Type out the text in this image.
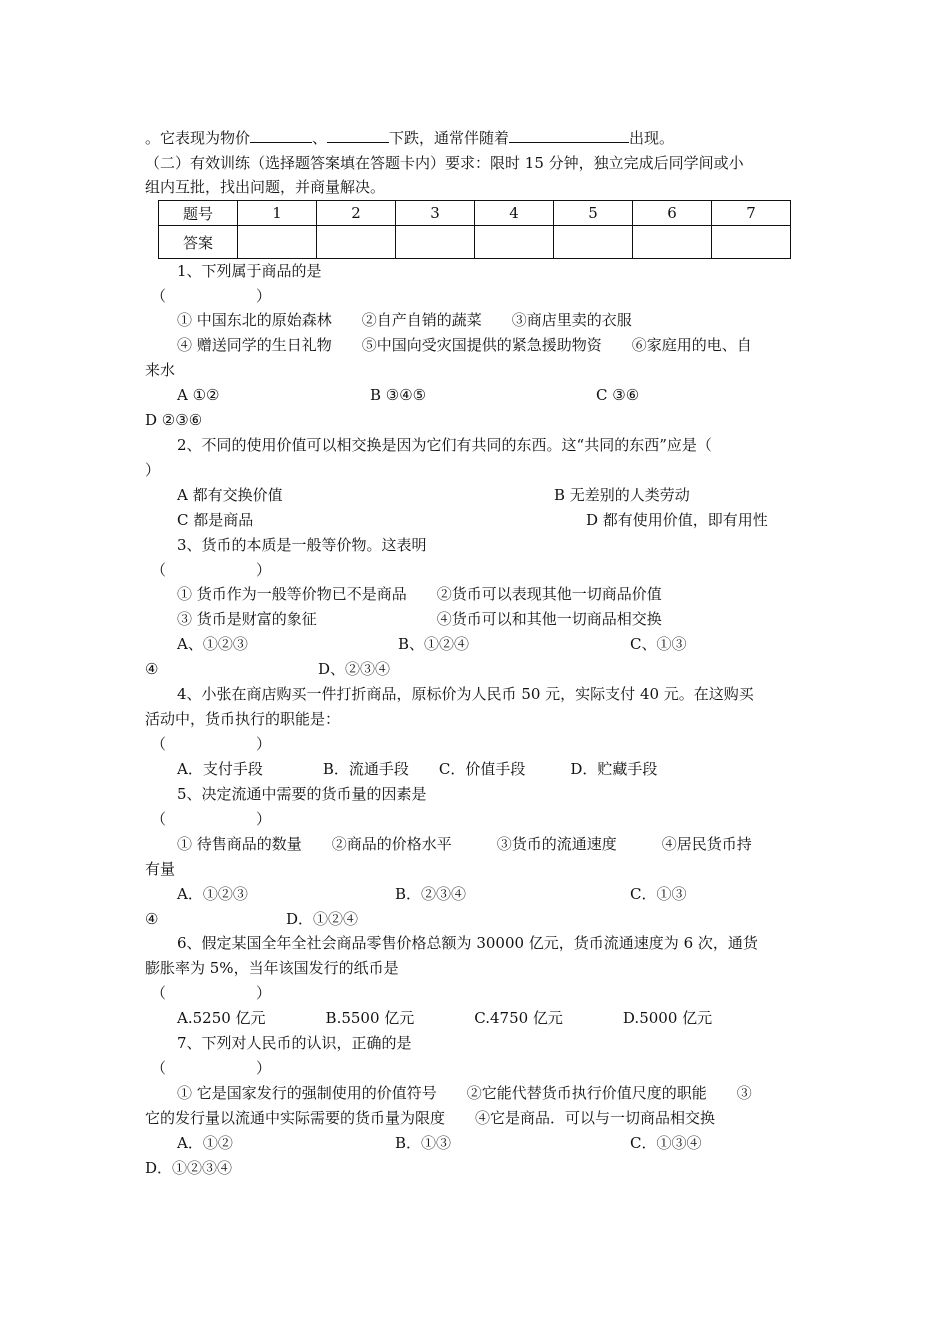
。它表现为物价	、	下跌，通常伴随着	出现。
（二）有效训练（选择题答案填在答题卡内）要求：限时 15 分钟，独立完成后同学间或小
组内互批，找出问题，并商量解决。
题号	1	2	3	4	5	6	7
答案							
1、下列属于商品的是
（　　　　　　）
① 中国东北的原始森林　　②自产自销的蔬菜　　③商店里卖的衣服
④ 赠送同学的生日礼物　　⑤中国向受灾国提供的紧急援助物资　　⑥家庭用的电、自
来水
A ①②	B ③④⑤	C ③⑥
D ②③⑥
2、不同的使用价值可以相交换是因为它们有共同的东西。这“共同的东西”应是（
）
A 都有交换价值	B 无差别的人类劳动
C 都是商品	D 都有使用价值，即有用性
3、货币的本质是一般等价物。这表明
（　　　　　　）
① 货币作为一般等价物已不是商品　　②货币可以表现其他一切商品价值
③ 货币是财富的象征　　　　　　　　④货币可以和其他一切商品相交换
A、①②③	B、①②④	C、①③
④	D、②③④
4、小张在商店购买一件打折商品，原标价为人民币 50 元，实际支付 40 元。在这购买
活动中，货币执行的职能是：
（　　　　　　）
A．支付手段　　　　B．流通手段　　C．价值手段　　　D．贮藏手段
5、决定流通中需要的货币量的因素是
（　　　　　　）
① 待售商品的数量　　②商品的价格水平　　　③货币的流通速度　　　④居民货币持
有量
A．①②③	B．②③④	C．①③
④	D．①②④
6、假定某国全年全社会商品零售价格总额为 30000 亿元，货币流通速度为 6 次，通货
膨胀率为 5%，当年该国发行的纸币是
（　　　　　　）
A.5250 亿元　　　　B.5500 亿元　　　　C.4750 亿元　　　　D.5000 亿元
7、下列对人民币的认识，正确的是
（　　　　　　）
① 它是国家发行的强制使用的价值符号　　②它能代替货币执行价值尺度的职能　　③
它的发行量以流通中实际需要的货币量为限度　　④它是商品．可以与一切商品相交换
A．①②	B．①③	C．①③④
D．①②③④
